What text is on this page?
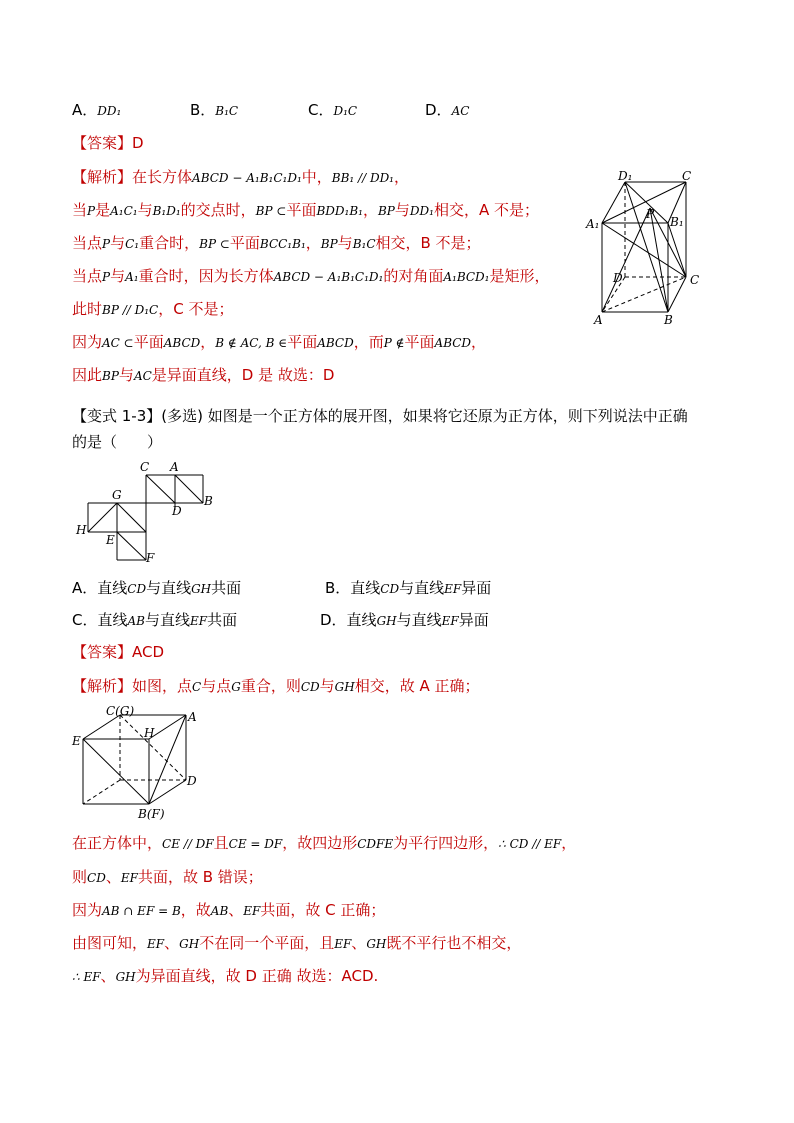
A．DD₁	B．B₁C	C．D₁C	D．AC
【答案】D
【解析】在长方体ABCD − A₁B₁C₁D₁中，BB₁ // DD₁，
当P是A₁C₁与B₁D₁的交点时，BP ⊂平面BDD₁B₁，BP与DD₁相交，A 不是；
当点P与C₁重合时，BP ⊂平面BCC₁B₁，BP与B₁C相交，B 不是；
当点P与A₁重合时，因为长方体ABCD − A₁B₁C₁D₁的对角面A₁BCD₁是矩形，
此时BP // D₁C，C 不是；
因为AC ⊂平面ABCD，B ∉ AC, B ∈平面ABCD，而P ∉平面ABCD，
因此BP与AC是异面直线，D 是 故选：D
D₁	C
A₁
P
B₁
D	C
A	B
【变式 1-3】(多选) 如图是一个正方体的展开图，如果将它还原为正方体，则下列说法中正确
的是（　　）
C A
G
D
B
H
E
F
A．直线CD与直线GH共面	B．直线CD与直线EF异面
C．直线AB与直线EF共面	D．直线GH与直线EF异面
【答案】ACD
【解析】如图，点C与点G重合，则CD与GH相交，故 A 正确；
C(G)	A
E
H
D
B(F)
在正方体中，CE // DF且CE = DF，故四边形CDFE为平行四边形，∴ CD // EF，
则CD、EF共面，故 B 错误；
因为AB ∩ EF = B，故AB、EF共面，故 C 正确；
由图可知，EF、GH不在同一个平面，且EF、GH既不平行也不相交，
∴ EF、GH为异面直线，故 D 正确 故选：ACD.
